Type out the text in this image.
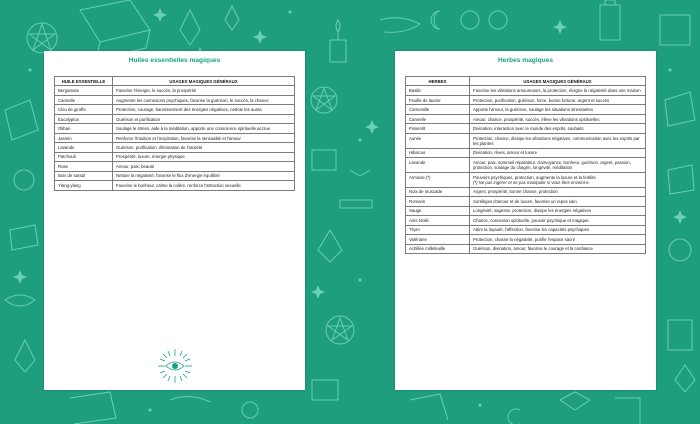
Huiles essentielles magiques
HUILE ESSENTIELLE	USAGES MAGIQUES GÉNÉRAUX
Bergamote	Favorise l'énergie, le succès, la prospérité
Cannelle	Augmente les connexions psychiques, favorise la guérison, le succès, la chance
Clou de girofle	Protection, courage, bannissement des énergies négatives, nettoie les auras
Eucalyptus	Guérison et purification
Oliban	Soulage le stress, aide à la méditation, apporte une conscience spirituelle accrue
Jasmin	Renforce l'intuition et l'inspiration, favorise la sensualité et l'amour
Lavande	Guérison, purification, élimination de l'anxiété
Patchouli	Prospérité, luxure, énergie physique
Rose	Amour, paix, beauté
Bois de santal	Nettoie la négativité, favorise le flux d'énergie équilibré
Ylang-ylang	Favorise le bonheur, calme la colère, renforce l'attraction sexuelle
Herbes magiques
HERBES	USAGES MAGIQUES GÉNÉRAUX
Basilic	Favorise les vibrations amoureuses, la protection, éloigne la négativité dans une maison
Feuille de laurier	Protection, purification, guérison, force, bonne fortune, argent et succès
Camomille	Apporte l'amour, la guérison, soulage les situations stressantes
Cannelle	Amour, chance, prospérité, succès, élève les vibrations spirituelles
Pissenlit	Divination, interaction avec le monde des esprits, souhaits
Aunée	Protection, chance, dissipe les vibrations négatives, communication avec les esprits par les plantes
Hibiscus	Divination, rêves, amour et luxure
Lavande	Amour, paix, sommeil réparateur, clairvoyance, bonheur, guérison, argent, passion, protection, soulage du chagrin, longévité, méditation
Armoise (*)	Pouvoirs psychiques, protection, augmente la luxure et la fertilité
(*) Ne pas ingérer et ne pas manipuler si vous êtes enceint·e.
Noix de muscade	Argent, prospérité, bonne chance, protection
Romarin	Sortilèges d'amour et de luxure, favorise un repos sain
Sauge	Longévité, sagesse, protection, dissipe les énergies négatives
Anis étoilé	Chance, connexion spirituelle, pouvoir psychique et magique
Thym	Attire la loyauté, l'affection, favorise les capacités psychiques
Valériane	Protection, chasse la négativité, purifie l'espace sacré
Achillée millefeuille	Guérison, divination, amour, favorise le courage et la confiance
